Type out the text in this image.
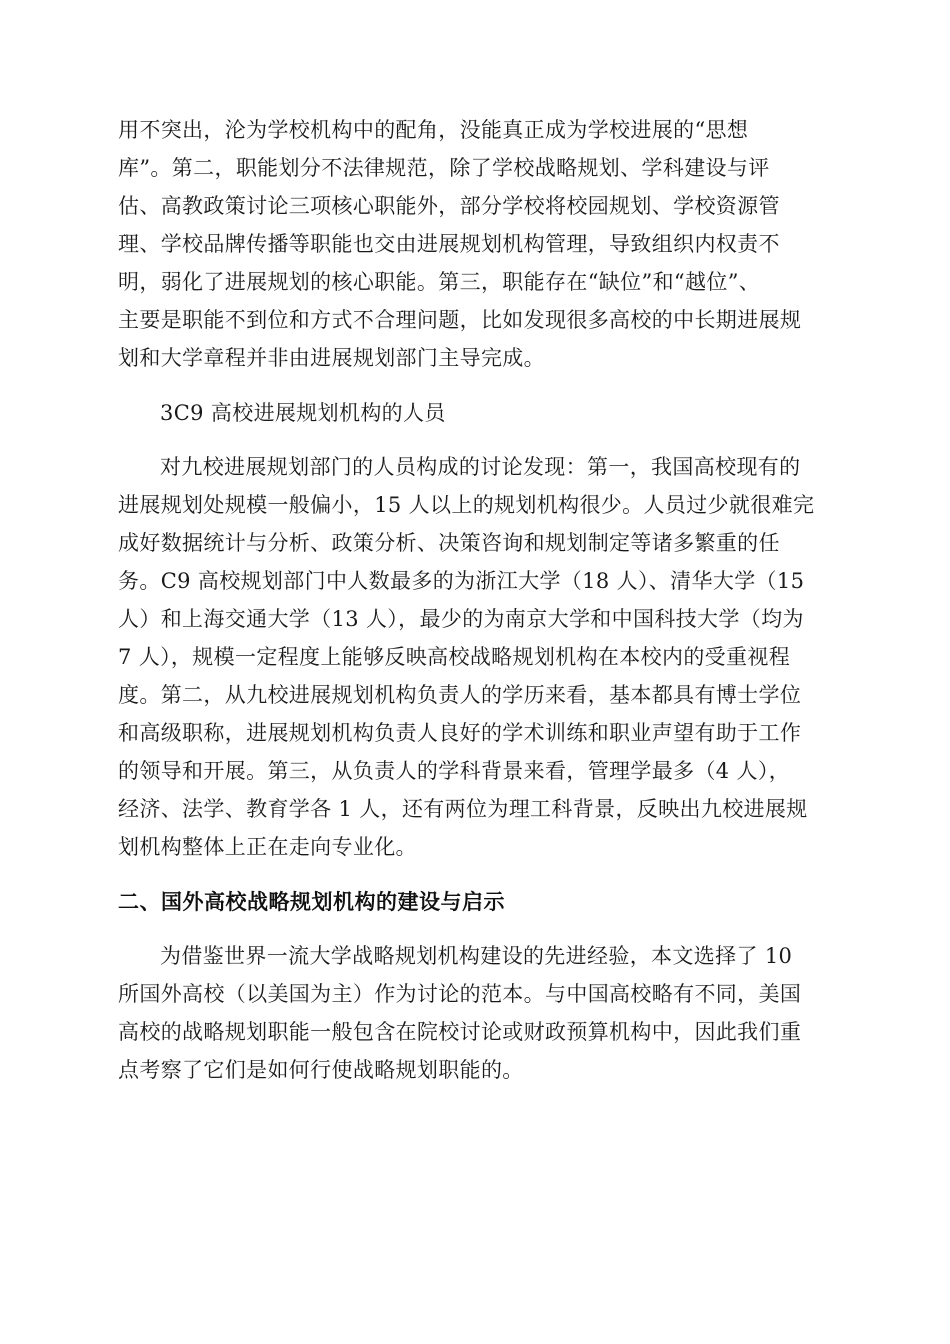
用不突出，沦为学校机构中的配角，没能真正成为学校进展的“思想
库”。第二，职能划分不法律规范，除了学校战略规划、学科建设与评
估、高教政策讨论三项核心职能外，部分学校将校园规划、学校资源管
理、学校品牌传播等职能也交由进展规划机构管理，导致组织内权责不
明，弱化了进展规划的核心职能。第三，职能存在“缺位”和“越位”、
主要是职能不到位和方式不合理问题，比如发现很多高校的中长期进展规
划和大学章程并非由进展规划部门主导完成。
3C9 高校进展规划机构的人员
对九校进展规划部门的人员构成的讨论发现：第一，我国高校现有的
进展规划处规模一般偏小，15 人以上的规划机构很少。人员过少就很难完
成好数据统计与分析、政策分析、决策咨询和规划制定等诸多繁重的任
务。C9 高校规划部门中人数最多的为浙江大学（18 人）、清华大学（15
人）和上海交通大学（13 人），最少的为南京大学和中国科技大学（均为
7 人），规模一定程度上能够反映高校战略规划机构在本校内的受重视程
度。第二，从九校进展规划机构负责人的学历来看，基本都具有博士学位
和高级职称，进展规划机构负责人良好的学术训练和职业声望有助于工作
的领导和开展。第三，从负责人的学科背景来看，管理学最多（4 人），
经济、法学、教育学各 1 人，还有两位为理工科背景，反映出九校进展规
划机构整体上正在走向专业化。
二、国外高校战略规划机构的建设与启示
为借鉴世界一流大学战略规划机构建设的先进经验，本文选择了 10
所国外高校（以美国为主）作为讨论的范本。与中国高校略有不同，美国
高校的战略规划职能一般包含在院校讨论或财政预算机构中，因此我们重
点考察了它们是如何行使战略规划职能的。
